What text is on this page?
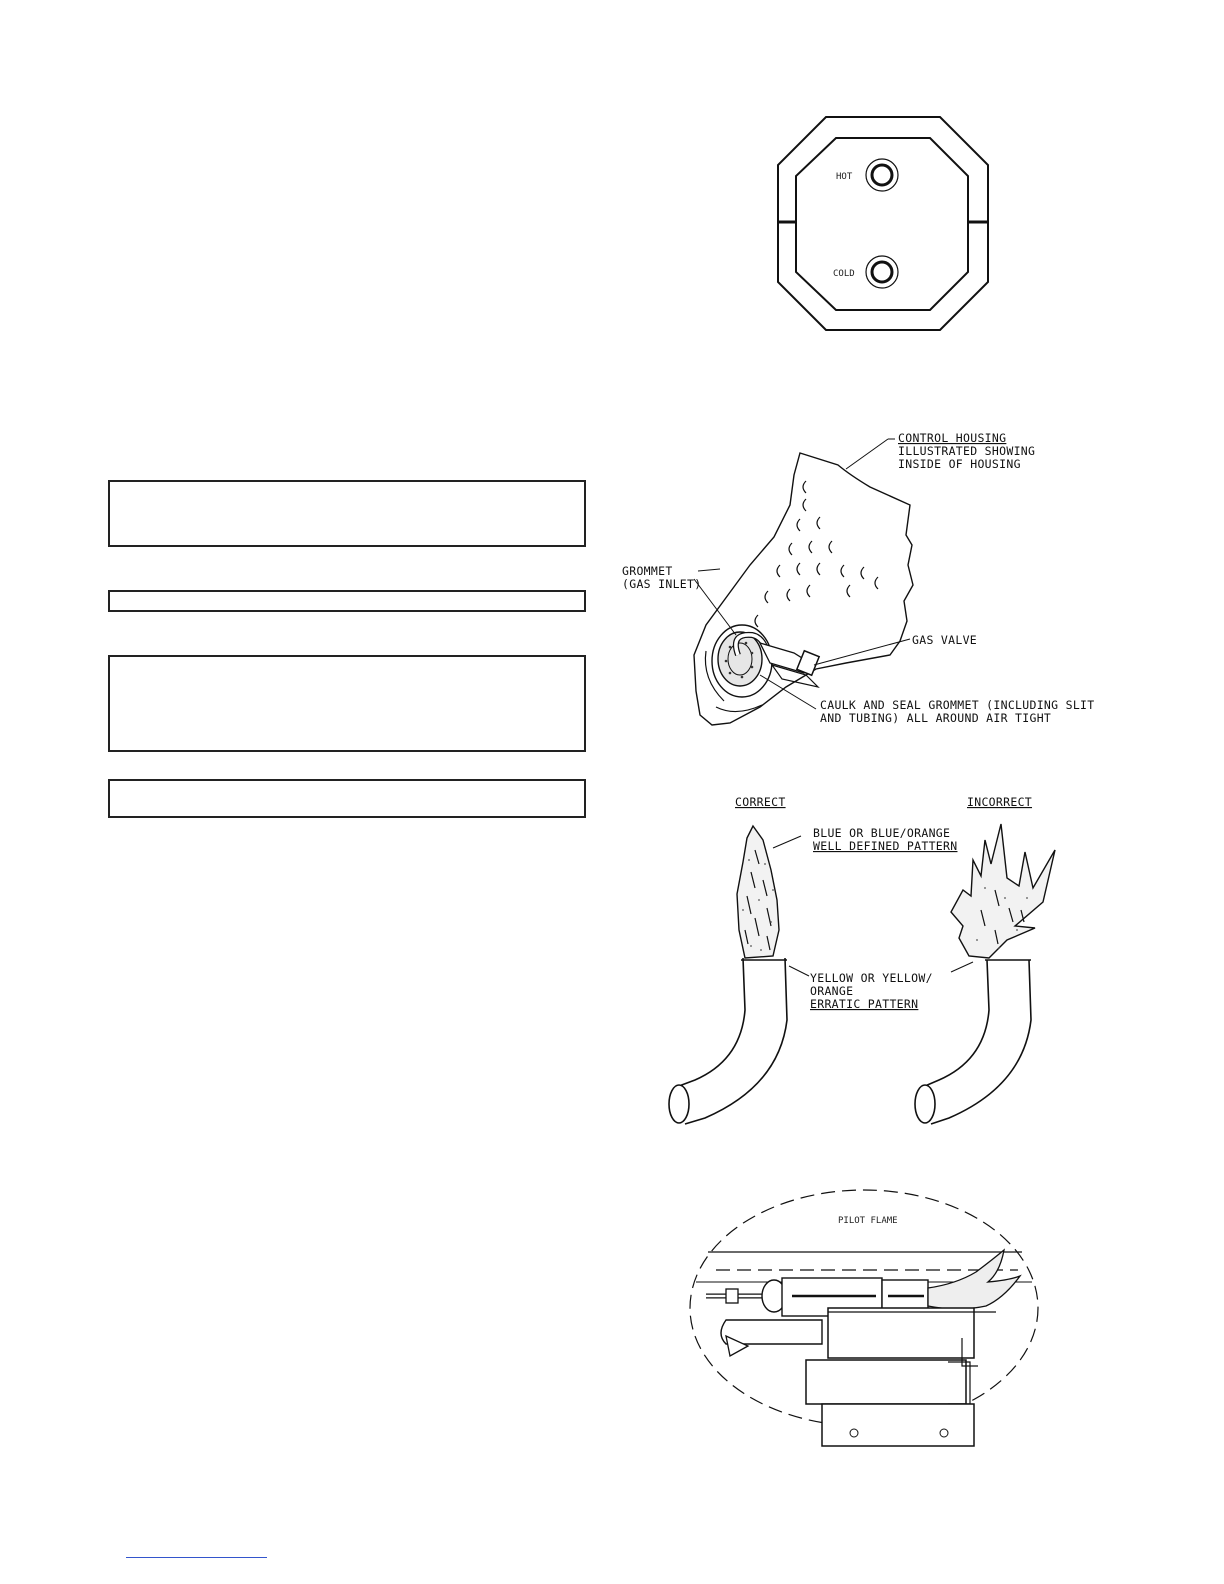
HOT
COLD
CONTROL HOUSING
ILLUSTRATED SHOWING
INSIDE OF HOUSING
GROMMET
(GAS INLET)
GAS VALVE
CAULK AND SEAL GROMMET (INCLUDING SLIT
AND TUBING) ALL AROUND AIR TIGHT
CORRECT	INCORRECT
BLUE OR BLUE/ORANGE
WELL DEFINED PATTERN
YELLOW OR YELLOW/
ORANGE
ERRATIC PATTERN
PILOT FLAME
